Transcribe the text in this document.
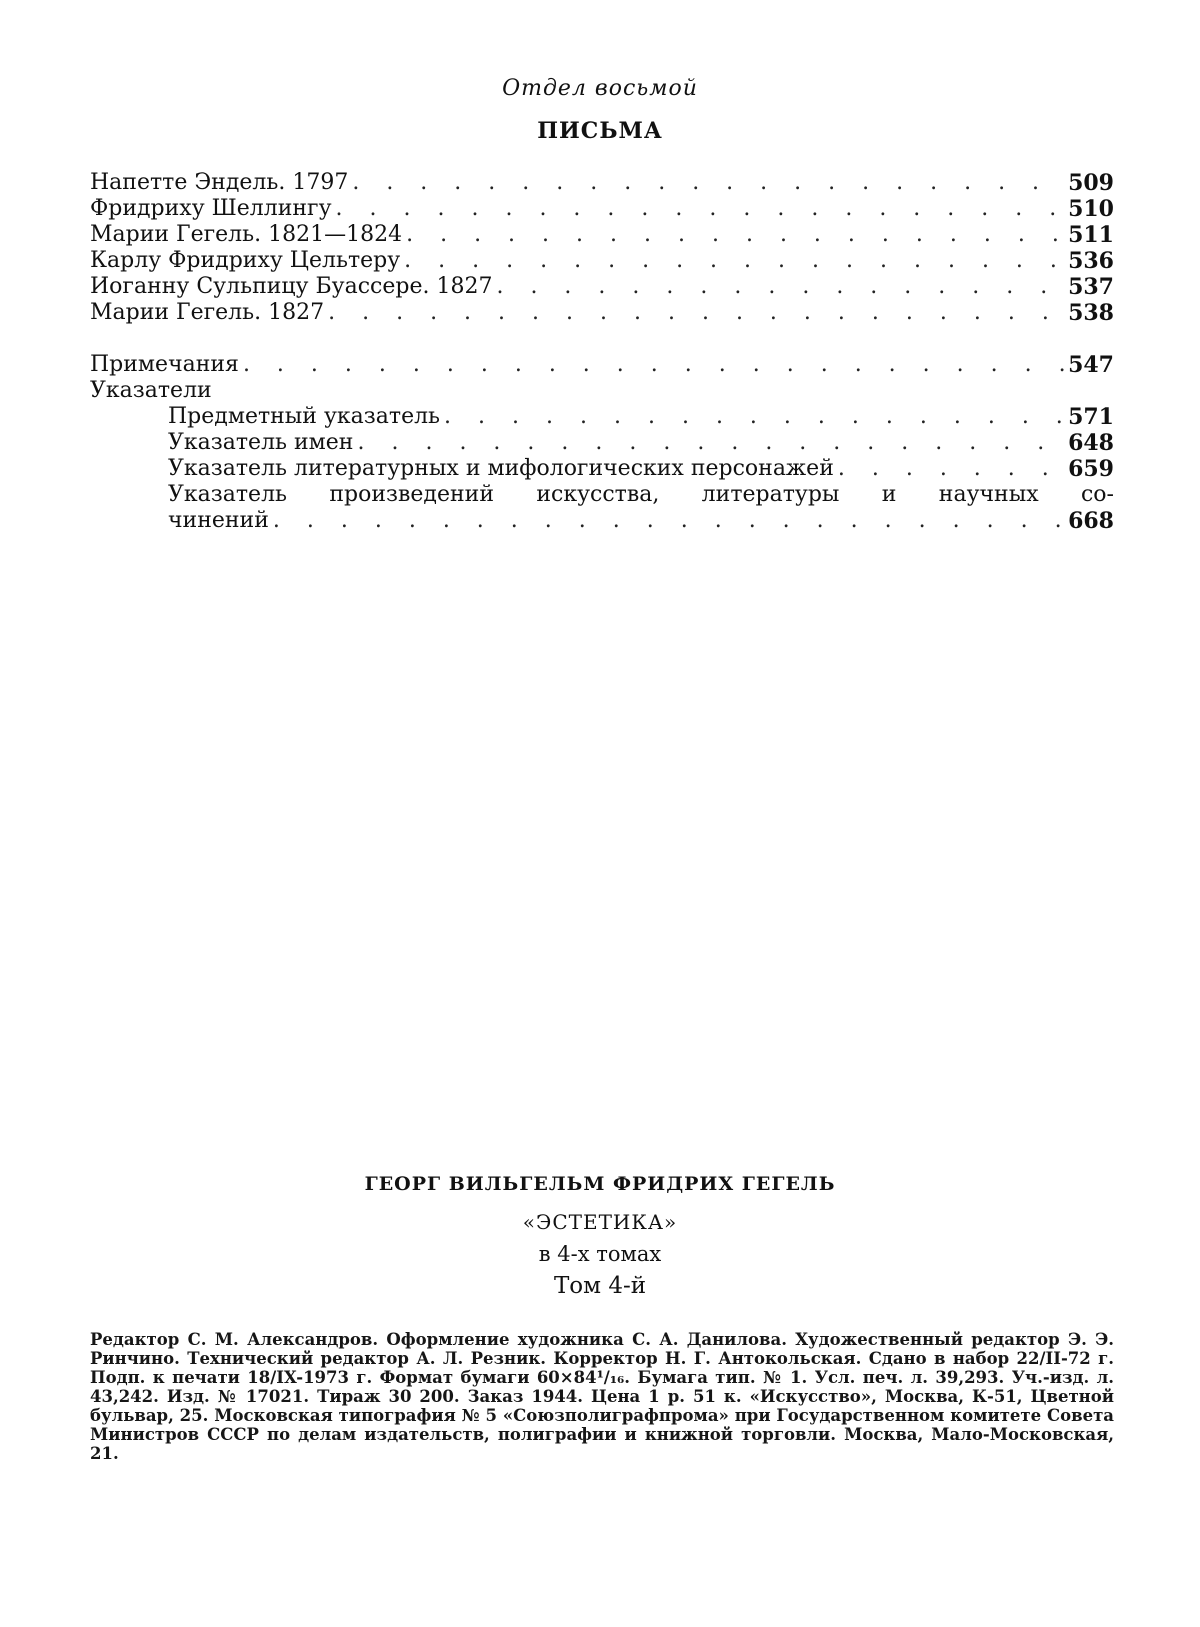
Отдел восьмой
ПИСЬМА
Напетте Эндель. 1797 . . .	509
Фридриху Шеллингу . . .	510
Марии Гегель. 1821—1824 . . .	511
Карлу Фридриху Цельтеру . . .	536
Иоганну Сульпицу Буассере. 1827 . . .	537
Марии Гегель. 1827 . . .	538
Примечания . . .	547
Указатели
Предметный указатель . . .	571
Указатель имен . . .	648
Указатель литературных и мифологических персонажей . . .	659
Указатель произведений искусства, литературы и научных со-
чинений . . .	668
ГЕОРГ ВИЛЬГЕЛЬМ ФРИДРИХ ГЕГЕЛЬ
«ЭСТЕТИКА»
в 4-х томах
Том 4-й
Редактор С. М. Александров. Оформление художника С. А. Данилова. Художественный редактор Э. Э. Ринчино. Технический редактор А. Л. Резник. Корректор Н. Г. Антокольская. Сдано в набор 22/II-72 г. Подп. к печати 18/IX-1973 г. Формат бумаги 60×84¹/₁₆. Бумага тип. № 1. Усл. печ. л. 39,293. Уч.-изд. л. 43,242. Изд. № 17021. Тираж 30 200. Заказ 1944. Цена 1 р. 51 к. «Искусство», Москва, К-51, Цветной бульвар, 25. Московская типография № 5 «Союзполиграфпрома» при Государственном комитете Совета Министров СССР по делам издательств, полиграфии и книжной торговли. Москва, Мало-Московская, 21.
